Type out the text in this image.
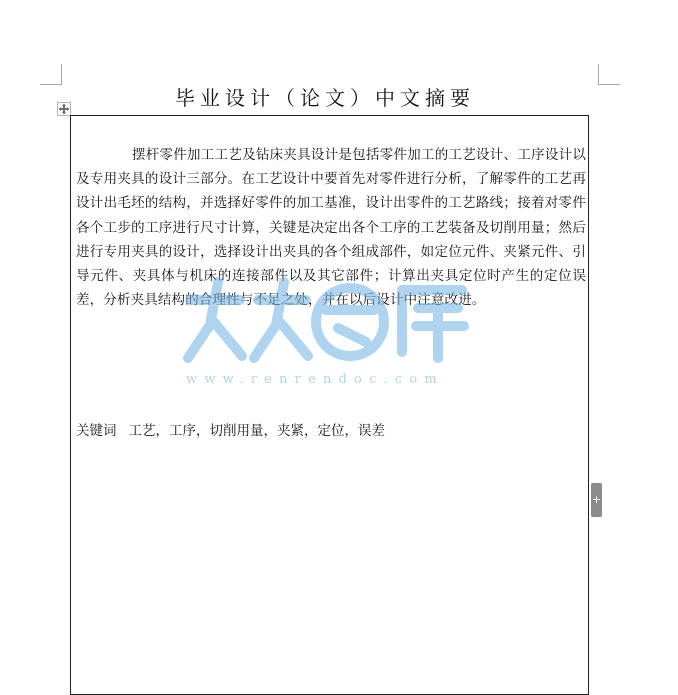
毕业设计（论文）中文摘要

摆杆零件加工工艺及钻床夹具设计是包括零件加工的工艺设计、工序设计以及专用夹具的设计三部分。在工艺设计中要首先对零件进行分析，了解零件的工艺再设计出毛坯的结构，并选择好零件的加工基准，设计出零件的工艺路线；接着对零件各个工步的工序进行尺寸计算，关键是决定出各个工序的工艺装备及切削用量；然后进行专用夹具的设计，选择设计出夹具的各个组成部件，如定位元件、夹紧元件、引导元件、夹具体与机床的连接部件以及其它部件；计算出夹具定位时产生的定位误差，分析夹具结构的合理性与不足之处，并在以后设计中注意改进。

关键词 工艺，工序，切削用量，夹紧，定位，误差
www.renrendoc.com
+
